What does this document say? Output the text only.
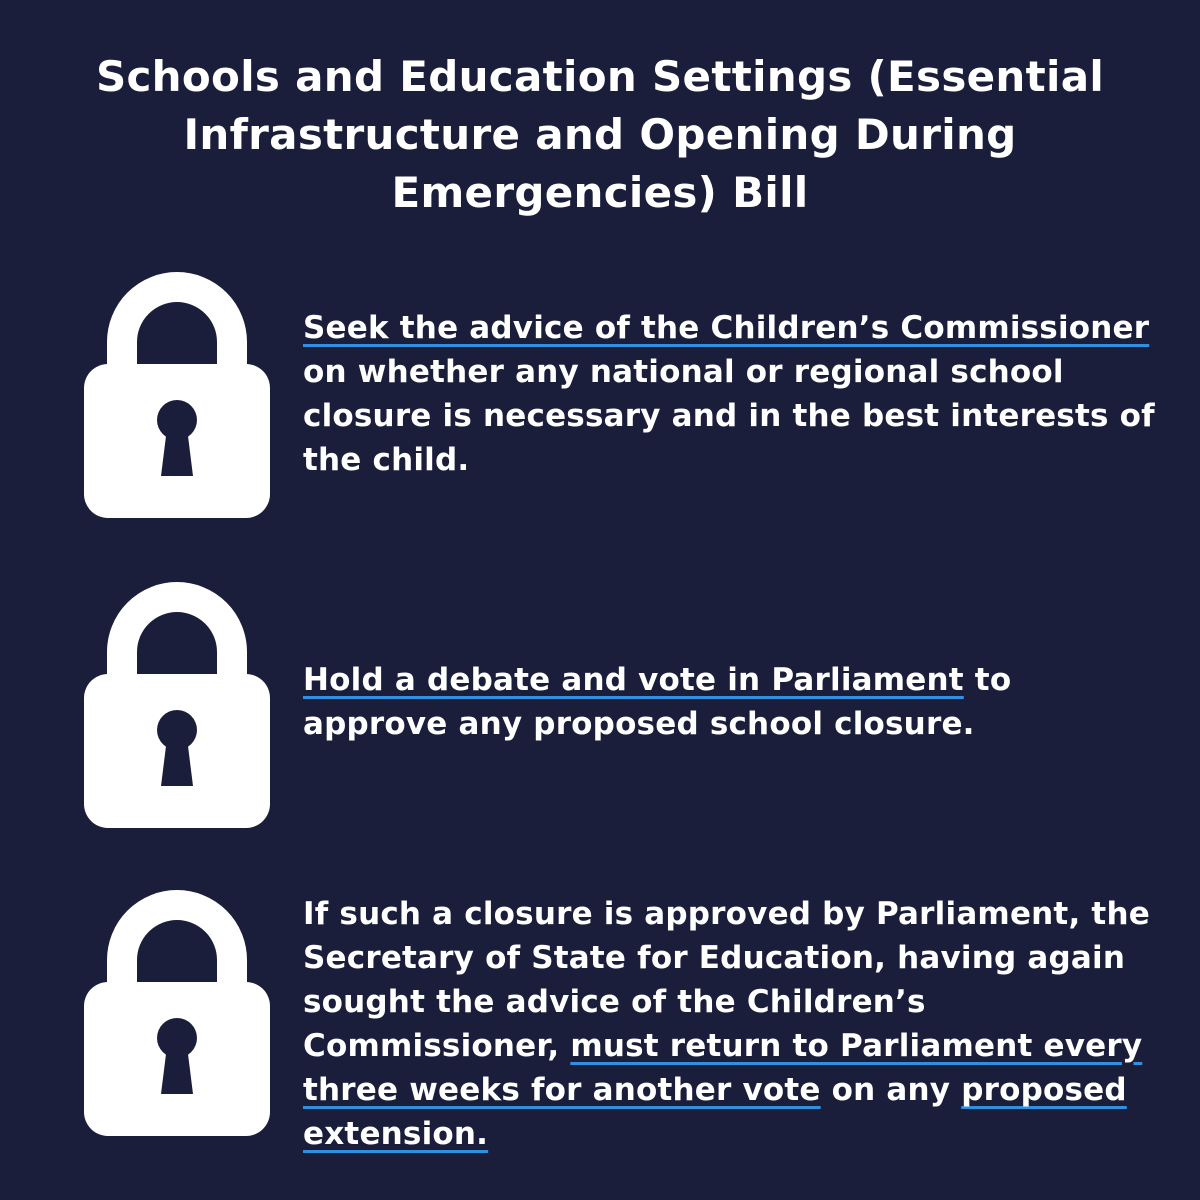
Schools and Education Settings (Essential
Infrastructure and Opening During
Emergencies) Bill

Seek the advice of the Children’s Commissioner on whether any national or regional school closure is necessary and in the best interests of the child.

Hold a debate and vote in Parliament to approve any proposed school closure.

If such a closure is approved by Parliament, the Secretary of State for Education, having again sought the advice of the Children’s Commissioner, must return to Parliament every three weeks for another vote on any proposed extension.
